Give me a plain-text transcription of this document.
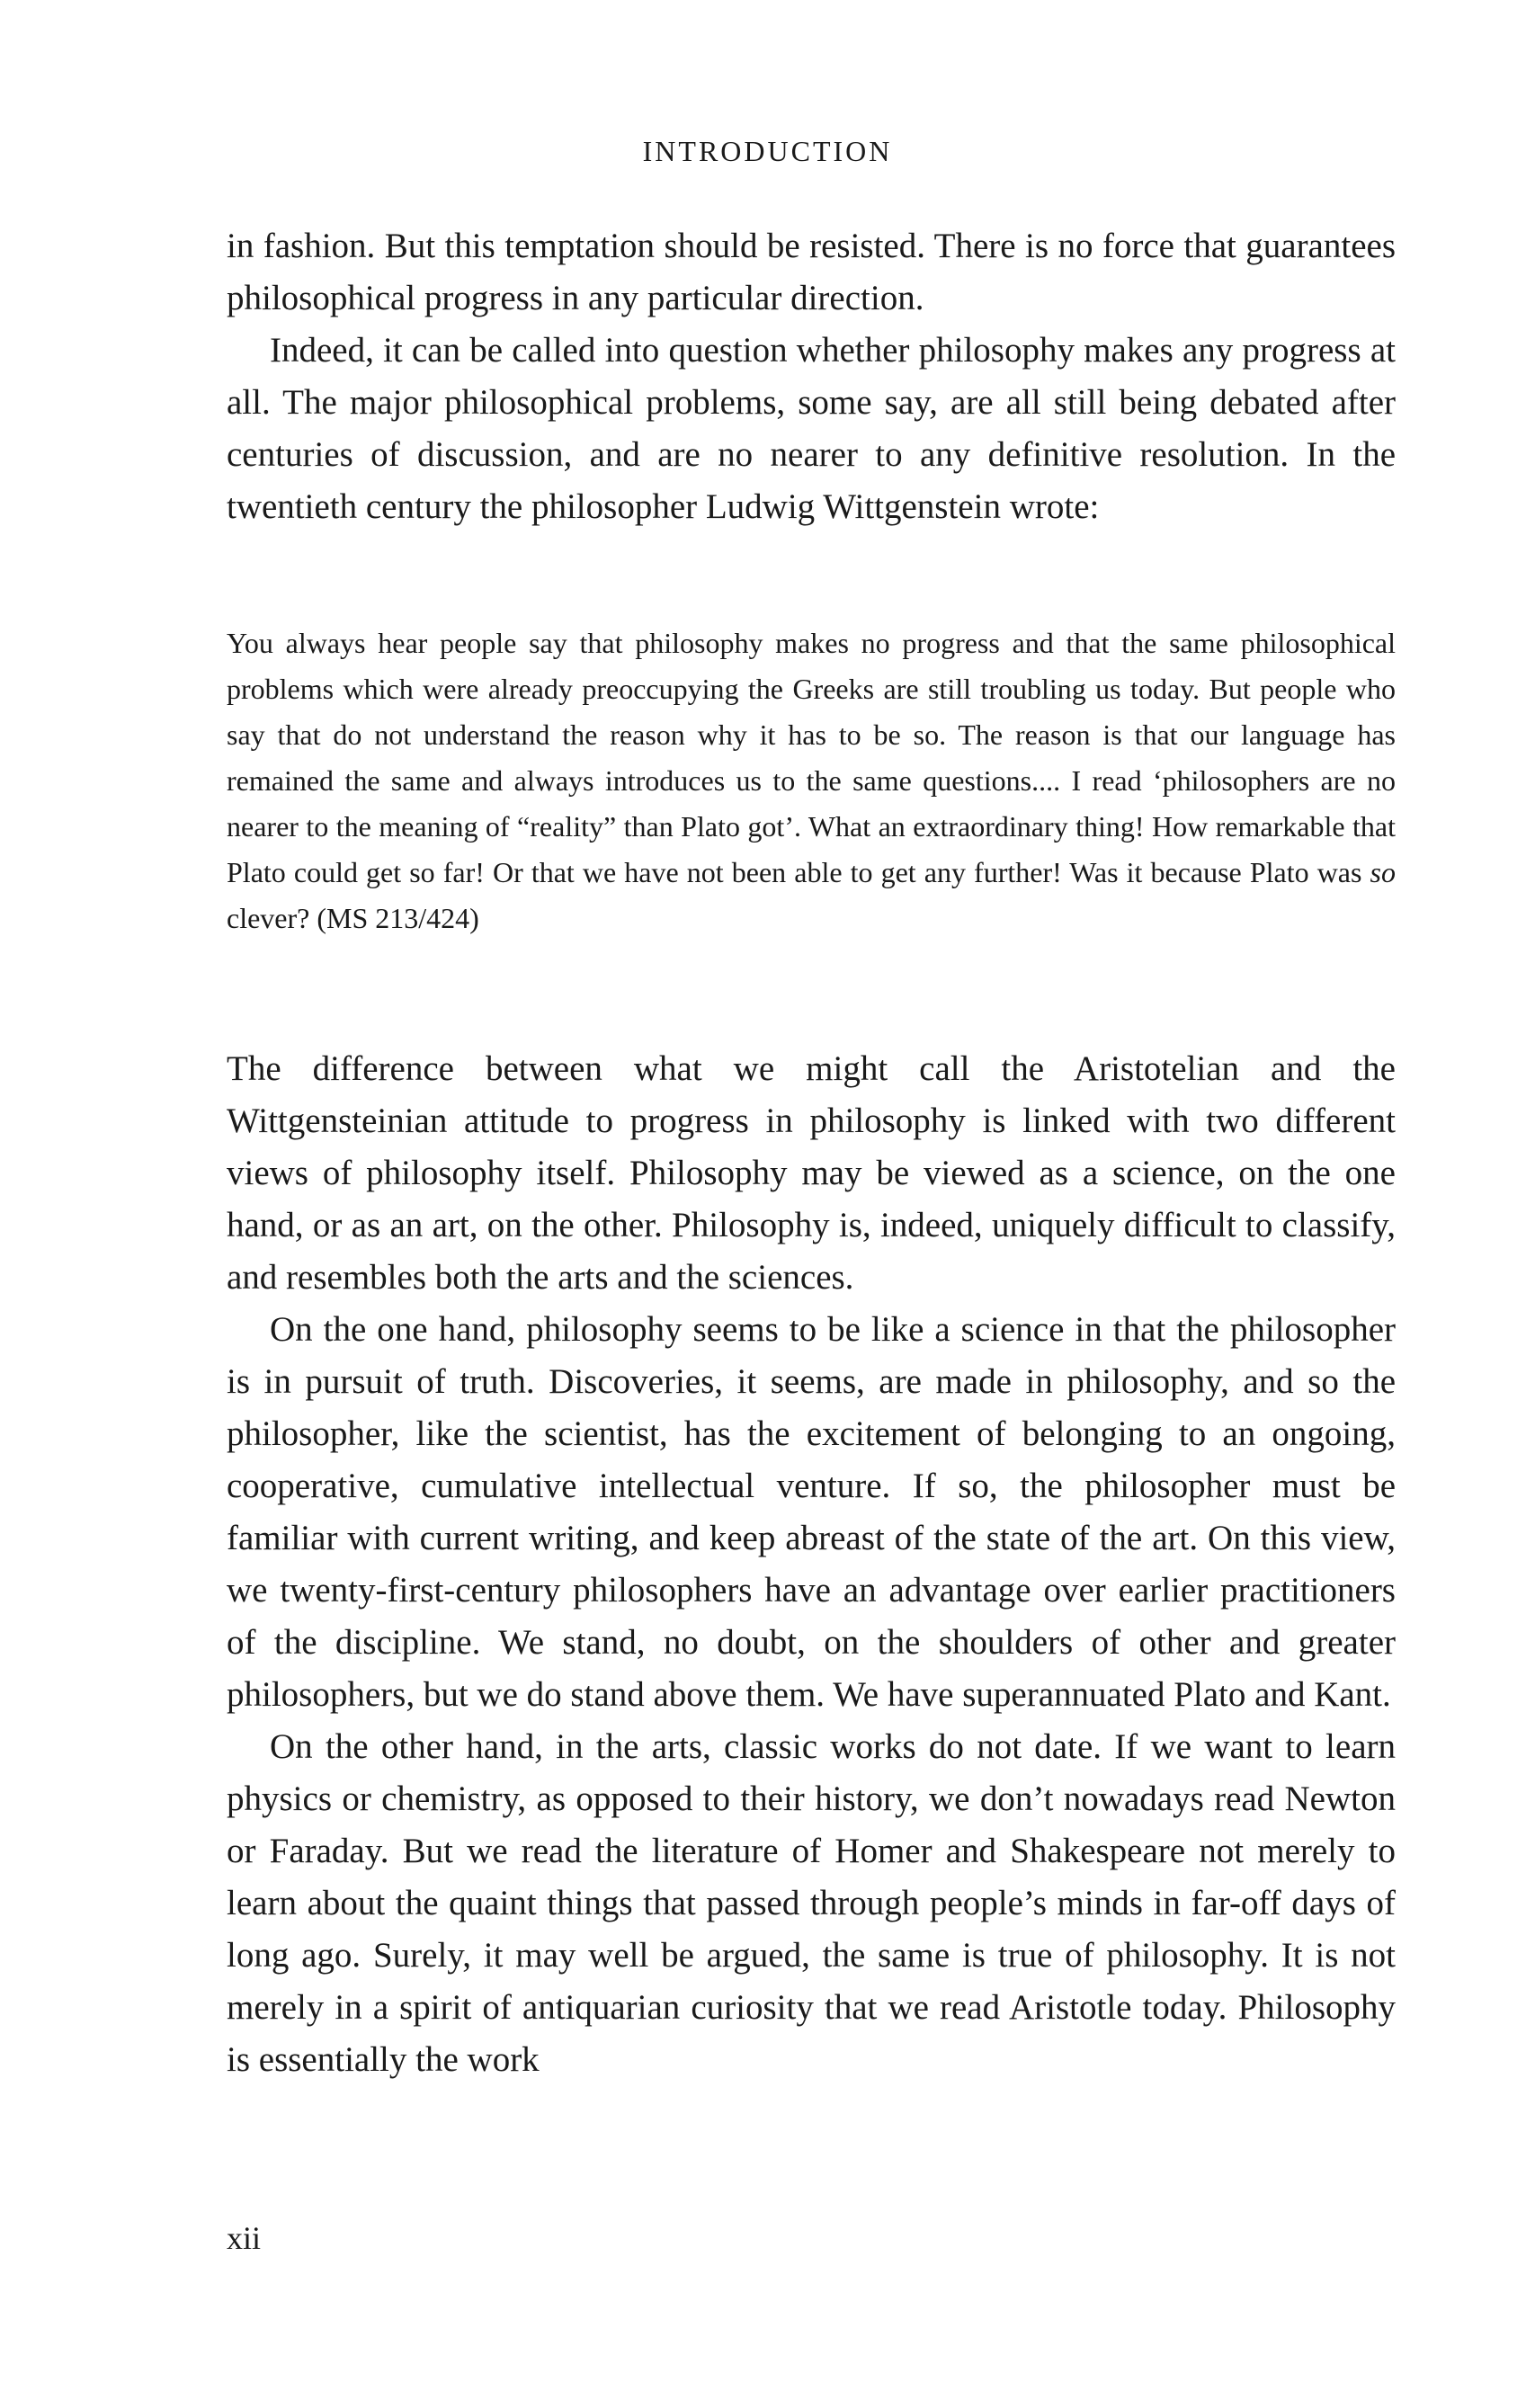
INTRODUCTION

in fashion. But this temptation should be resisted. There is no force that guarantees philosophical progress in any particular direction.

Indeed, it can be called into question whether philosophy makes any progress at all. The major philosophical problems, some say, are all still being debated after centuries of discussion, and are no nearer to any definitive resolution. In the twentieth century the philosopher Ludwig Wittgenstein wrote:

You always hear people say that philosophy makes no progress and that the same philosophical problems which were already preoccupying the Greeks are still troubling us today. But people who say that do not understand the reason why it has to be so. The reason is that our language has remained the same and always introduces us to the same questions.... I read ‘philosophers are no nearer to the meaning of “reality” than Plato got’. What an extraordinary thing! How remarkable that Plato could get so far! Or that we have not been able to get any further! Was it because Plato was so clever? (MS 213/424)

The difference between what we might call the Aristotelian and the Wittgensteinian attitude to progress in philosophy is linked with two different views of philosophy itself. Philosophy may be viewed as a science, on the one hand, or as an art, on the other. Philosophy is, indeed, uniquely difficult to classify, and resembles both the arts and the sciences.

On the one hand, philosophy seems to be like a science in that the philosopher is in pursuit of truth. Discoveries, it seems, are made in philosophy, and so the philosopher, like the scientist, has the excitement of belonging to an ongoing, cooperative, cumulative intellectual venture. If so, the philosopher must be familiar with current writing, and keep abreast of the state of the art. On this view, we twenty-first-century philosophers have an advantage over earlier practitioners of the discipline. We stand, no doubt, on the shoulders of other and greater philosophers, but we do stand above them. We have superannuated Plato and Kant.

On the other hand, in the arts, classic works do not date. If we want to learn physics or chemistry, as opposed to their history, we don’t nowadays read Newton or Faraday. But we read the literature of Homer and Shakespeare not merely to learn about the quaint things that passed through people’s minds in far-off days of long ago. Surely, it may well be argued, the same is true of philosophy. It is not merely in a spirit of antiquarian curiosity that we read Aristotle today. Philosophy is essentially the work

xii
